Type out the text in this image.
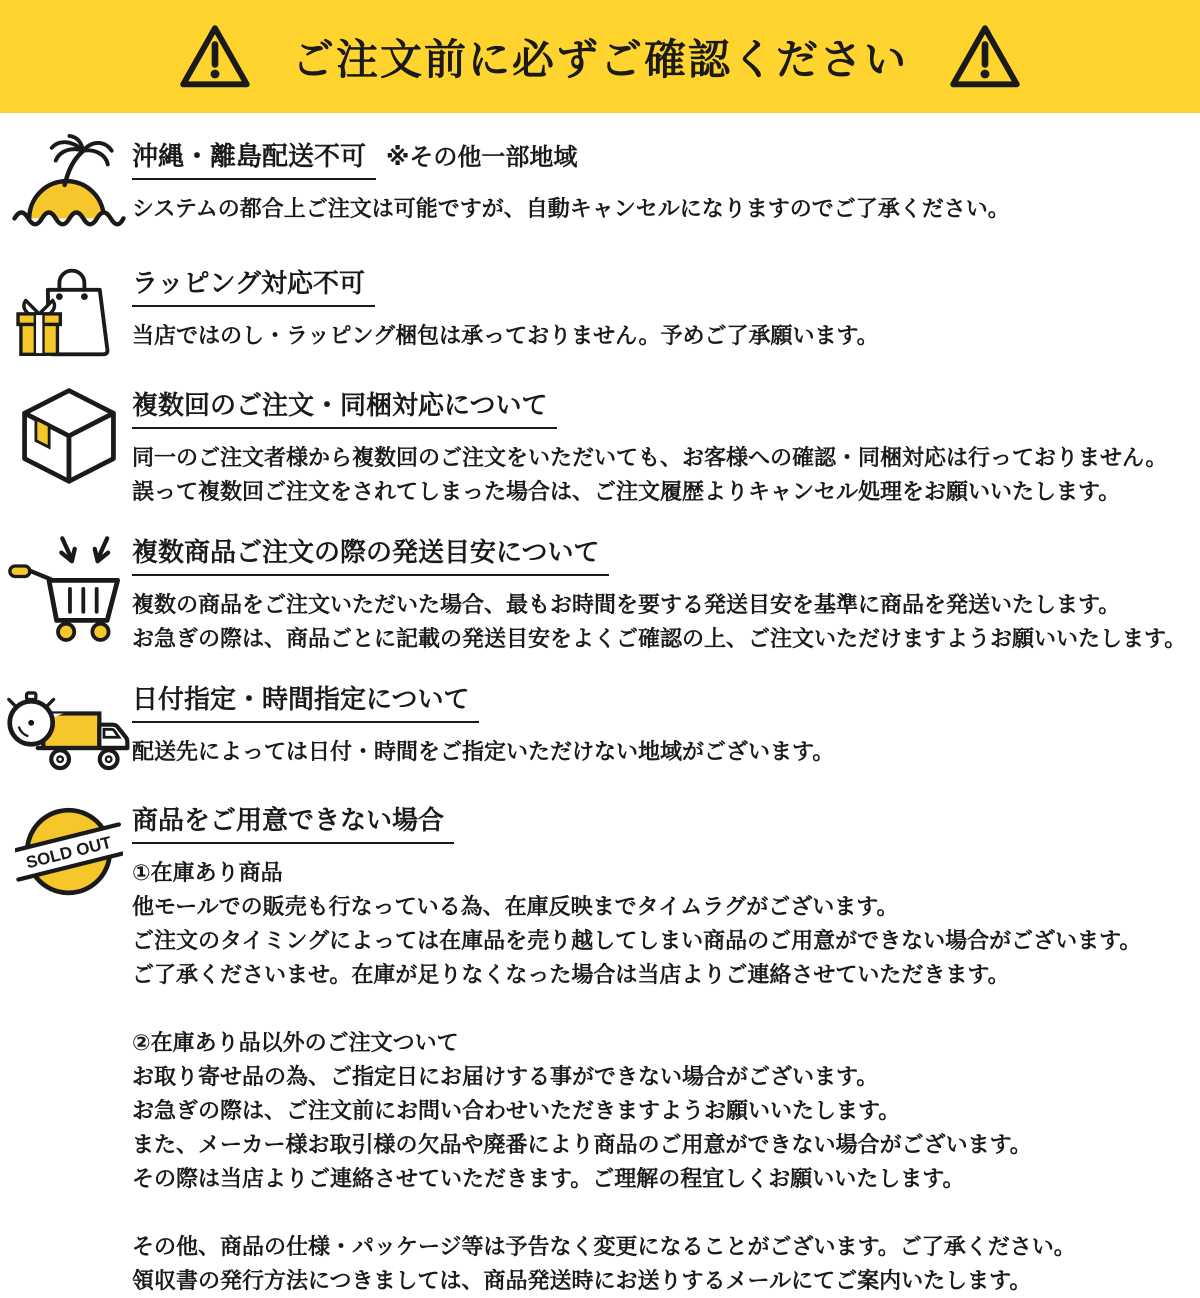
ご注文前に必ずご確認ください
沖縄・離島配送不可 ※その他一部地域

システムの都合上ご注文は可能ですが、自動キャンセルになりますのでご了承ください。

ラッピング対応不可

当店ではのし・ラッピング梱包は承っておりません。予めご了承願います。

複数回のご注文・同梱対応について

同一のご注文者様から複数回のご注文をいただいても、お客様への確認・同梱対応は行っておりません。

誤って複数回ご注文をされてしまった場合は、ご注文履歴よりキャンセル処理をお願いいたします。

複数商品ご注文の際の発送目安について

複数の商品をご注文いただいた場合、最もお時間を要する発送目安を基準に商品を発送いたします。

お急ぎの際は、商品ごとに記載の発送目安をよくご確認の上、ご注文いただけますようお願いいたします。

日付指定・時間指定について

配送先によっては日付・時間をご指定いただけない地域がございます。

SOLD OUT
商品をご用意できない場合

①在庫あり商品

他モールでの販売も行なっている為、在庫反映までタイムラグがございます。

ご注文のタイミングによっては在庫品を売り越してしまい商品のご用意ができない場合がございます。

ご了承くださいませ。在庫が足りなくなった場合は当店よりご連絡させていただきます。

②在庫あり品以外のご注文ついて

お取り寄せ品の為、ご指定日にお届けする事ができない場合がございます。

お急ぎの際は、ご注文前にお問い合わせいただきますようお願いいたします。

また、メーカー様お取引様の欠品や廃番により商品のご用意ができない場合がございます。

その際は当店よりご連絡させていただきます。ご理解の程宜しくお願いいたします。

その他、商品の仕様・パッケージ等は予告なく変更になることがございます。ご了承ください。

領収書の発行方法につきましては、商品発送時にお送りするメールにてご案内いたします。
